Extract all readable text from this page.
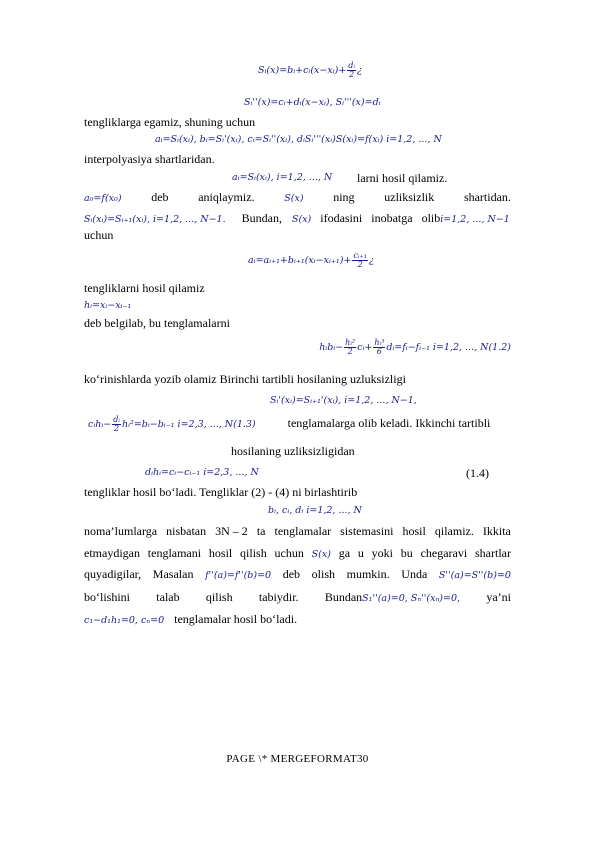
Sᵢ(x)=bᵢ+cᵢ(x−xᵢ)+ $\frac{\text{dᵢ}}{2}$ ¿
Sᵢ''(x)=cᵢ+dᵢ(x−xᵢ), Sᵢ'''(x)=dᵢ
tengliklarga egamiz, shuning uchun
aᵢ=Sᵢ(xᵢ), bᵢ=Sᵢ'(xᵢ), cᵢ=Sᵢ''(xᵢ), dᵢSᵢ'''(xᵢ)S(xᵢ)=f(xᵢ) i=1,2, ..., N
interpolyasiya shartlaridan.
aᵢ=Sᵢ(xᵢ), i=1,2, ..., N larni hosil qilamiz.
a₀=f(x₀) deb aniqlaymiz.	S(x) ning uzliksizlik shartidan.
Sᵢ(xᵢ)=Sᵢ₊₁(xᵢ), i=1,2, ..., N−1. Bundan, S(x) ifodasini inobatga olibi=1,2, ..., N−1
uchun
aᵢ=aᵢ₊₁+bᵢ₊₁(xᵢ−xᵢ₊₁)+ $\frac{\text{cᵢ₊₁}}{2}$ ¿
tengliklarni hosil qilamiz
hᵢ=xᵢ−xᵢ₋₁
deb belgilab, bu tenglamalarni
hᵢbᵢ− $\frac{\text{hᵢ²}}{2}$ cᵢ+ $\frac{\text{hᵢ³}}{6}$ dᵢ=fᵢ−fᵢ₋₁ i=1,2, ..., N(1.2)
ko‘rinishlarda yozib olamiz Birinchi tartibli hosilaning uzluksizligi
Sᵢ'(xᵢ)=Sᵢ₊₁'(xᵢ), i=1,2, ..., N−1,
cᵢhᵢ− $\frac{\text{dᵢ}}{2}$ hᵢ²=bᵢ−bᵢ₋₁ i=2,3, ..., N(1.3)	tenglamalarga olib keladi. Ikkinchi tartibli
hosilaning uzliksizligidan
dᵢhᵢ=cᵢ−cᵢ₋₁ i=2,3, ..., N	(1.4)
tengliklar hosil bo‘ladi. Tengliklar (2) - (4) ni birlashtirib
bᵢ, cᵢ, dᵢ i=1,2, ..., N
noma’lumlarga nisbatan 3N – 2 ta tenglamalar sistemasini hosil qilamiz. Ikkita
etmaydigan tenglamani hosil qilish uchun S(x) ga u yoki bu chegaravi shartlar
quyadigilar, Masalan f''(a)=f''(b)=0 deb olish mumkin. Unda S''(a)=S''(b)=0
bo‘lishini talab qilish tabiydir. BundanS₁''(a)=0, Sₙ''(xₙ)=0, ya’ni
c₁−d₁h₁=0, cₙ=0 tenglamalar hosil bo‘ladi.
PAGE \* MERGEFORMAT30
